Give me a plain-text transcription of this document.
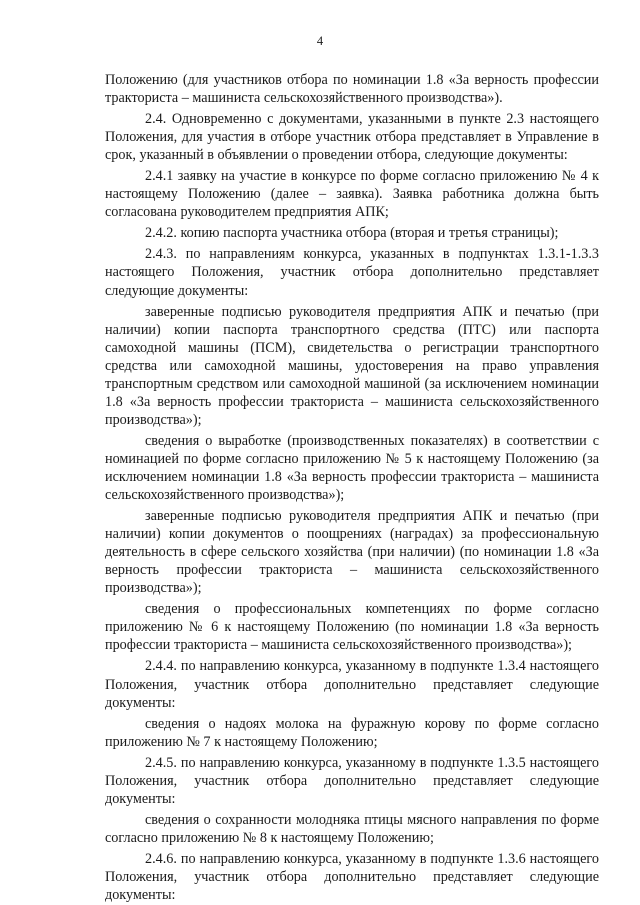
4

Положению (для участников отбора по номинации 1.8 «За верность профессии тракториста – машиниста сельскохозяйственного производства»).

2.4. Одновременно с документами, указанными в пункте 2.3 настоящего Положения, для участия в отборе участник отбора представляет в Управление в срок, указанный в объявлении о проведении отбора, следующие документы:

2.4.1 заявку на участие в конкурсе по форме согласно приложению № 4 к настоящему Положению (далее – заявка). Заявка работника должна быть согласована руководителем предприятия АПК;

2.4.2. копию паспорта участника отбора (вторая и третья страницы);

2.4.3. по направлениям конкурса, указанных в подпунктах 1.3.1-1.3.3 настоящего Положения, участник отбора дополнительно представляет следующие документы:

заверенные подписью руководителя предприятия АПК и печатью (при наличии) копии паспорта транспортного средства (ПТС) или паспорта самоходной машины (ПСМ), свидетельства о регистрации транспортного средства или самоходной машины, удостоверения на право управления транспортным средством или самоходной машиной (за исключением номинации 1.8 «За верность профессии тракториста – машиниста сельскохозяйственного производства»);

сведения о выработке (производственных показателях) в соответствии с номинацией по форме согласно приложению № 5 к настоящему Положению (за исключением номинации 1.8 «За верность профессии тракториста – машиниста сельскохозяйственного производства»);

заверенные подписью руководителя предприятия АПК и печатью (при наличии) копии документов о поощрениях (наградах) за профессиональную деятельность в сфере сельского хозяйства (при наличии) (по номинации 1.8 «За верность профессии тракториста – машиниста сельскохозяйственного производства»);

сведения о профессиональных компетенциях по форме согласно приложению № 6 к настоящему Положению (по номинации 1.8 «За верность профессии тракториста – машиниста сельскохозяйственного производства»);

2.4.4. по направлению конкурса, указанному в подпункте 1.3.4 настоящего Положения, участник отбора дополнительно представляет следующие документы:

сведения о надоях молока на фуражную корову по форме согласно приложению № 7 к настоящему Положению;

2.4.5. по направлению конкурса, указанному в подпункте 1.3.5 настоящего Положения, участник отбора дополнительно представляет следующие документы:

сведения о сохранности молодняка птицы мясного направления по форме согласно приложению № 8 к настоящему Положению;

2.4.6. по направлению конкурса, указанному в подпункте 1.3.6 настоящего Положения, участник отбора дополнительно представляет следующие документы:
